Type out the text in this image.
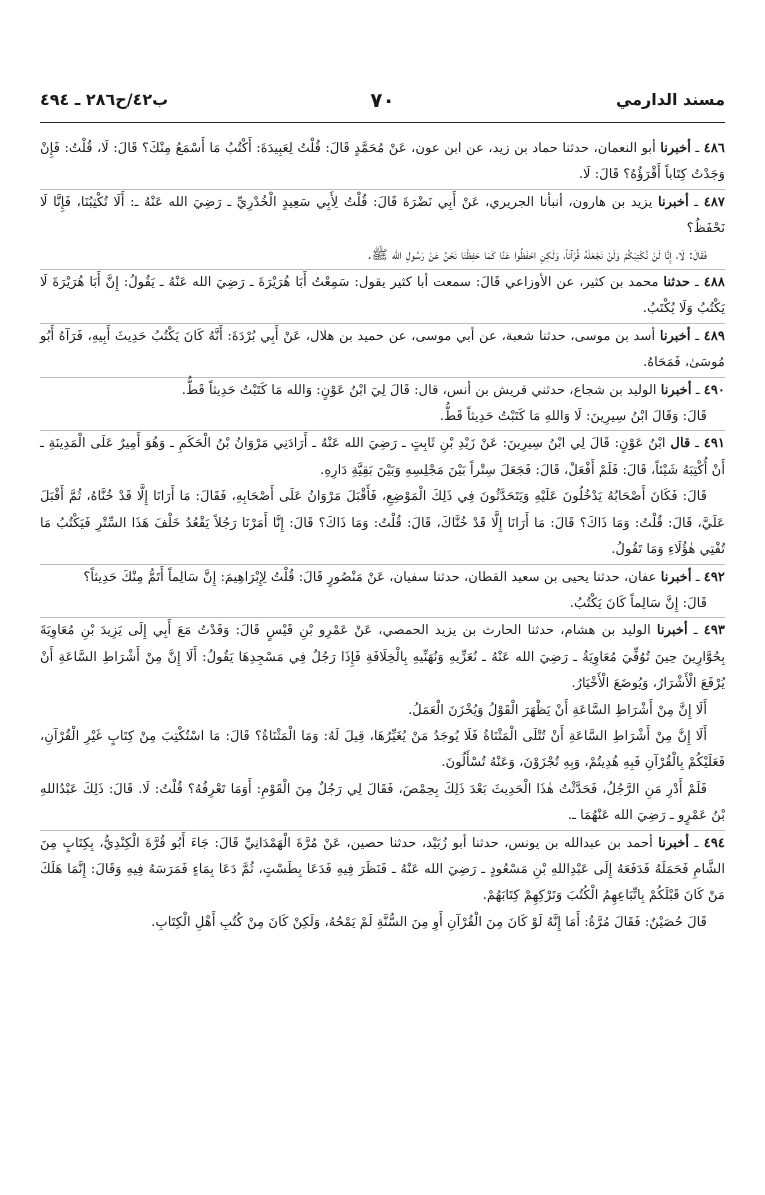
مسند الدارمي
٧٠
ب٤٢/ح٢٨٦ ـ ٤٩٤

٤٨٦ ـ أخبرنا أبو النعمان، حدثنا حماد بن زيد، عن ابن عون، عَنْ مُحَمَّدٍ قَالَ: قُلْتُ لِعَبِيدَةَ: أَكْتُبُ مَا أَسْمَعُ مِنْكَ؟ قَالَ: لَا، قُلْتُ: فَإِنْ وَجَدْتُ كِتَاباً أَقْرَؤُهُ؟ قَالَ: لَا.

٤٨٧ ـ أخبرنا يزيد بن هارون، أنبأنا الجريري، عَنْ أَبِي نَضْرَةَ قَالَ: قُلْتُ لِأَبِي سَعِيدٍ الْخُدْرِيِّ ـ رَضِيَ الله عَنْهُ ـ: أَلَا تُكْتِبُنَا، فَإِنَّا لَا نَحْفَظُ؟

فَقَالَ: لَا، إِنَّا لَنْ نُكْتِبَكُمْ وَلَنْ نَجْعَلَهُ قُرْآناً، وَلَكِنِ احْفَظُوا عَنَّا كَمَا حَفِظْنَا نَحْنُ عَنْ رَسُولِ الله ﷺ.

٤٨٨ ـ حدثنا محمد بن كثير، عن الأوزاعي قَالَ: سمعت أبا كثير يقول: سَمِعْتُ أَبَا هُرَيْرَةَ ـ رَضِيَ الله عَنْهُ ـ يَقُولُ: إِنَّ أَبَا هُرَيْرَةَ لَا يَكْتُبُ وَلَا يُكْتَبُ.

٤٨٩ ـ أخبرنا أسد بن موسى، حدثنا شعبة، عن أبي موسى، عن حميد بن هلال، عَنْ أَبِي بُرْدَةَ: أَنَّهُ كَانَ يَكْتُبُ حَدِيثَ أَبِيهِ، فَرَآهُ أَبُو مُوسَىٰ، فَمَحَاهُ.

٤٩٠ ـ أخبرنا الوليد بن شجاع، حدثني قريش بن أنس، قال: قَالَ لِيَ ابْنُ عَوْنٍ: وَالله مَا كَتَبْتُ حَدِيثاً قَطُّ.

قَالَ: وَقَالَ ابْنُ سِيرِينَ: لَا وَاللهِ مَا كَتَبْتُ حَدِيثاً قَطُّ.

٤٩١ ـ قال ابْنُ عَوْنٍ: قَالَ لِي ابْنُ سِيرِينَ: عَنْ زَيْدِ بْنِ ثَابِتٍ ـ رَضِيَ الله عَنْهُ ـ أَرَادَنِي مَرْوَانُ بْنُ الْحَكَمِ ـ وَهُوَ أَمِيرٌ عَلَى الْمَدِينَةِ ـ أَنْ أُكْتِبَهُ شَيْئاً، قَالَ: فَلَمْ أَفْعَلْ، قَالَ: فَجَعَلَ سِتْراً بَيْنَ مَجْلِسِهِ وَبَيْنَ بَقِيَّةِ دَارِهِ.

قَالَ: فَكَانَ أَصْحَابُهُ يَدْخُلُونَ عَلَيْهِ وَيَتَحَدَّثُونَ فِي ذَلِكَ الْمَوْضِعِ، فَأَقْبَلَ مَرْوَانُ عَلَى أَصْحَابِهِ، فَقَالَ: مَا أَرَانَا إِلَّا قَدْ خُنَّاهُ، ثُمَّ أَقْبَلَ عَلَيَّ، قَالَ: قُلْتُ: وَمَا ذَاكَ؟ قَالَ: مَا أَرَانَا إِلَّا قَدْ خُنَّاكَ، قَالَ: قُلْتُ: وَمَا ذَاكَ؟ قَالَ: إِنَّا أَمَرْنَا رَجُلاً يَقْعُدُ خَلْفَ هَذَا السِّتْرِ فَيَكْتُبُ مَا تُفْتِي هٰؤُلَاءِ وَمَا تَقُولُ.

٤٩٢ ـ أخبرنا عفان، حدثنا يحيى بن سعيد القطان، حدثنا سفيان، عَنْ مَنْصُورٍ قَالَ: قُلْتُ لِإِبْرَاهِيمَ: إِنَّ سَالِماً أَتَمُّ مِنْكَ حَدِيثاً؟

قَالَ: إِنَّ سَالِماً كَانَ يَكْتُبُ.

٤٩٣ ـ أخبرنا الوليد بن هشام، حدثنا الحارث بن يزيد الحمصي، عَنْ عَمْرِو بْنِ قَيْسٍ قَالَ: وَفَدْتُ مَعَ أَبِي إِلَى يَزِيدَ بْنِ مُعَاوِيَةَ بِحُوَّارِينَ حِينَ تُوُفِّيَ مُعَاوِيَةُ ـ رَضِيَ الله عَنْهُ ـ نُعَزِّيهِ وَنُهَنِّيهِ بِالْخِلَافَةِ فَإِذَا رَجُلٌ فِي مَسْجِدِهَا يَقُولُ: أَلَا إِنَّ مِنْ أَشْرَاطِ السَّاعَةِ أَنْ يُرْفَعَ الْأَشْرَارُ، وَيُوضَعَ الْأَخْيَارُ.

أَلَا إِنَّ مِنْ أَشْرَاطِ السَّاعَةِ أَنْ يَظْهَرَ الْقَوْلُ وَيُخْزَنَ الْعَمَلُ.

أَلَا إِنَّ مِنْ أَشْرَاطِ السَّاعَةِ أَنْ تُتْلَى الْمَثْنَاةُ فَلَا يُوجَدُ مَنْ يُغَيِّرُهَا، قِيلَ لَهُ: وَمَا الْمَثْنَاةُ؟ قَالَ: مَا اسْتُكْتِبَ مِنْ كِتَابٍ غَيْرِ الْقُرْآنِ، فَعَلَيْكُمْ بِالْقُرْآنِ فَبِهِ هُدِيتُمْ، وَبِهِ تُجْزَوْنَ، وَعَنْهُ تُسْأَلُونَ.

فَلَمْ أَدْرِ مَنِ الرَّجُلُ، فَحَدَّثْتُ هٰذَا الْحَدِيثَ بَعْدَ ذَلِكَ بِحِمْصَ، فَقَالَ لِي رَجُلٌ مِنَ الْقَوْمِ: أَوَمَا تَعْرِفُهُ؟ قُلْتُ: لَا. قَالَ: ذَلِكَ عَبْدُاللهِ بْنُ عَمْرٍو ـ رَضِيَ الله عَنْهُمَا ـ.

٤٩٤ ـ أخبرنا أحمد بن عبدالله بن يونس، حدثنا أبو زُبَيْد، حدثنا حصين، عَنْ مُرَّةَ الْهَمْدَانِيِّ قَالَ: جَاءَ أَبُو قُرَّةَ الْكِنْدِيُّ، بِكِتَابٍ مِنَ الشَّامِ فَحَمَلَهُ فَدَفَعَهُ إِلَى عَبْدِاللهِ بْنِ مَسْعُودٍ ـ رَضِيَ الله عَنْهُ ـ فَنَظَرَ فِيهِ فَدَعَا بِطَسْتٍ، ثُمَّ دَعَا بِمَاءٍ فَمَرَسَهُ فِيهِ وَقَالَ: إِنَّمَا هَلَكَ مَنْ كَانَ قَبْلَكُمْ بِاتِّبَاعِهِمُ الْكُتُبَ وَتَرْكِهِمْ كِتَابَهُمْ.

قَالَ حُصَيْنٌ: فَقَالَ مُرَّةُ: أَمَا إِنَّهُ لَوْ كَانَ مِنَ الْقُرْآنِ أَوِ مِنَ السُّنَّةِ لَمْ يَمْحُهُ، وَلَكِنْ كَانَ مِنْ كُتُبِ أَهْلِ الْكِتَابِ.
